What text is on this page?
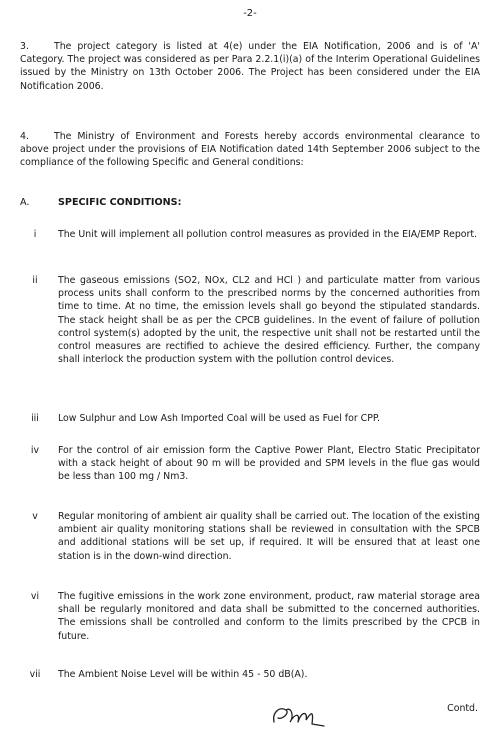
-2-
3.	The project category is listed at 4(e) under the EIA Notification, 2006 and is of 'A' Category. The project was considered as per Para 2.2.1(i)(a) of the Interim Operational Guidelines issued by the Ministry on 13th October 2006. The Project has been considered under the EIA Notification 2006.
4.	The Ministry of Environment and Forests hereby accords environmental clearance to above project under the provisions of EIA Notification dated 14th September 2006 subject to the compliance of the following Specific and General conditions:
A.	SPECIFIC CONDITIONS:
i	The Unit will implement all pollution control measures as provided in the EIA/EMP Report.
ii	The gaseous emissions (SO2, NOx, CL2 and HCl ) and particulate matter from various process units shall conform to the prescribed norms by the concerned authorities from time to time. At no time, the emission levels shall go beyond the stipulated standards. The stack height shall be as per the CPCB guidelines. In the event of failure of pollution control system(s) adopted by the unit, the respective unit shall not be restarted until the control measures are rectified to achieve the desired efficiency. Further, the company shall interlock the production system with the pollution control devices.
iii	Low Sulphur and Low Ash Imported Coal will be used as Fuel for CPP.
iv	For the control of air emission form the Captive Power Plant, Electro Static Precipitator with a stack height of about 90 m will be provided and SPM levels in the flue gas would be less than 100 mg / Nm3.
v	Regular monitoring of ambient air quality shall be carried out. The location of the existing ambient air quality monitoring stations shall be reviewed in consultation with the SPCB and additional stations will be set up, if required. It will be ensured that at least one station is in the down-wind direction.
vi	The fugitive emissions in the work zone environment, product, raw material storage area shall be regularly monitored and data shall be submitted to the concerned authorities. The emissions shall be controlled and conform to the limits prescribed by the CPCB in future.
vii	The Ambient Noise Level will be within 45 - 50 dB(A).
Contd.
